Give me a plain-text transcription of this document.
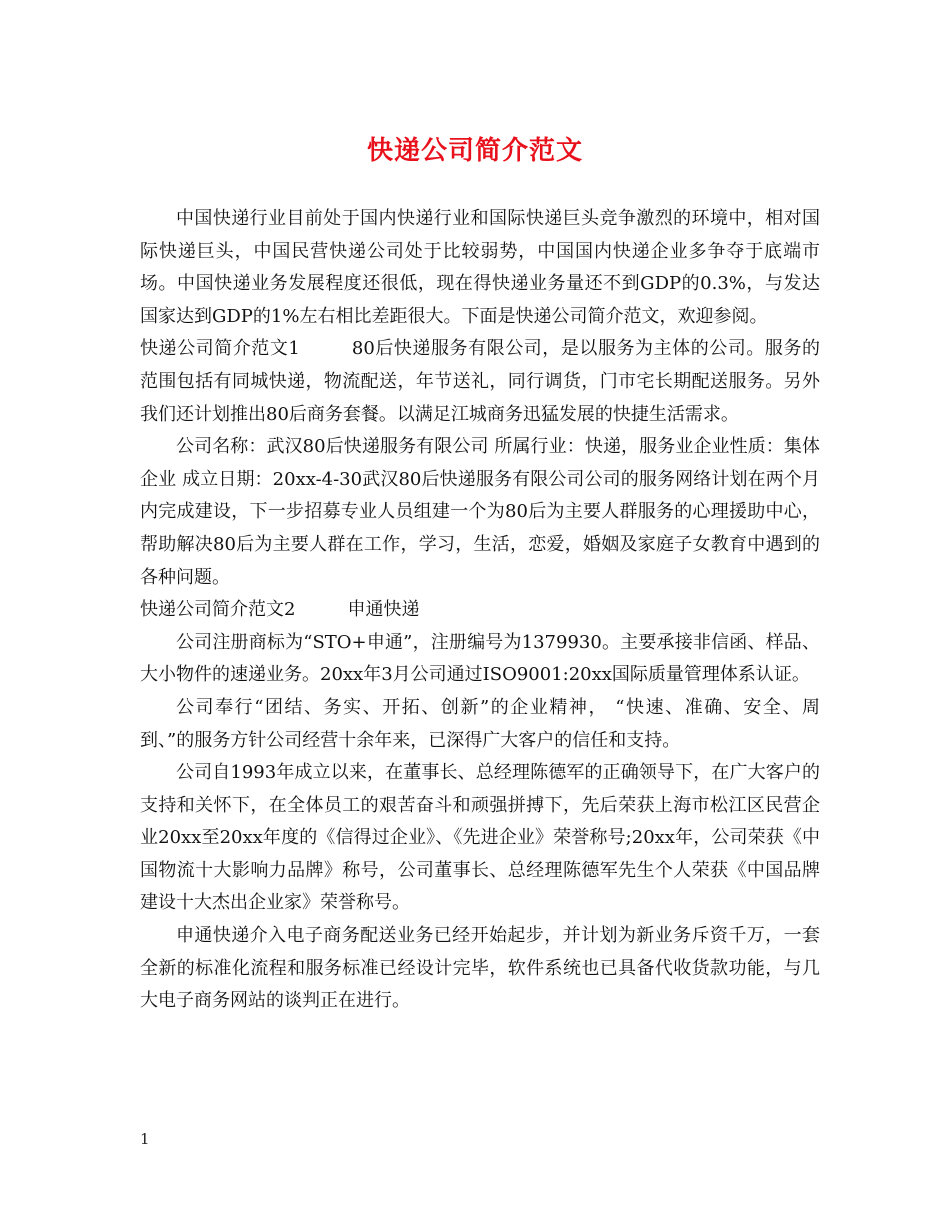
快递公司简介范文

中国快递行业目前处于国内快递行业和国际快递巨头竞争激烈的环境中，相对国际快递巨头，中国民营快递公司处于比较弱势，中国国内快递企业多争夺于底端市场。中国快递业务发展程度还很低，现在得快递业务量还不到GDP的0.3%，与发达国家达到GDP的1%左右相比差距很大。下面是快递公司简介范文，欢迎参阅。

快递公司简介范文1	80后快递服务有限公司，是以服务为主体的公司。服务的范围包括有同城快递，物流配送，年节送礼，同行调货，门市宅长期配送服务。另外我们还计划推出80后商务套餐。以满足江城商务迅猛发展的快捷生活需求。

公司名称：武汉80后快递服务有限公司 所属行业：快递，服务业企业性质：集体企业 成立日期：20xx-4-30武汉80后快递服务有限公司公司的服务网络计划在两个月内完成建设，下一步招募专业人员组建一个为80后为主要人群服务的心理援助中心，帮助解决80后为主要人群在工作，学习，生活，恋爱，婚姻及家庭子女教育中遇到的各种问题。

快递公司简介范文2	申通快递

公司注册商标为“STO+申通”，注册编号为1379930。主要承接非信函、样品、大小物件的速递业务。20xx年3月公司通过ISO9001:20xx国际质量管理体系认证。

公司奉行“团结、务实、开拓、创新”的企业精神， “快速、准确、安全、周到、”的服务方针公司经营十余年来，已深得广大客户的信任和支持。

公司自1993年成立以来，在董事长、总经理陈德军的正确领导下，在广大客户的支持和关怀下，在全体员工的艰苦奋斗和顽强拼搏下，先后荣获上海市松江区民营企业20xx至20xx年度的《信得过企业》、《先进企业》荣誉称号;20xx年，公司荣获《中国物流十大影响力品牌》称号，公司董事长、总经理陈德军先生个人荣获《中国品牌建设十大杰出企业家》荣誉称号。

申通快递介入电子商务配送业务已经开始起步，并计划为新业务斥资千万，一套全新的标准化流程和服务标准已经设计完毕，软件系统也已具备代收货款功能，与几大电子商务网站的谈判正在进行。

1
